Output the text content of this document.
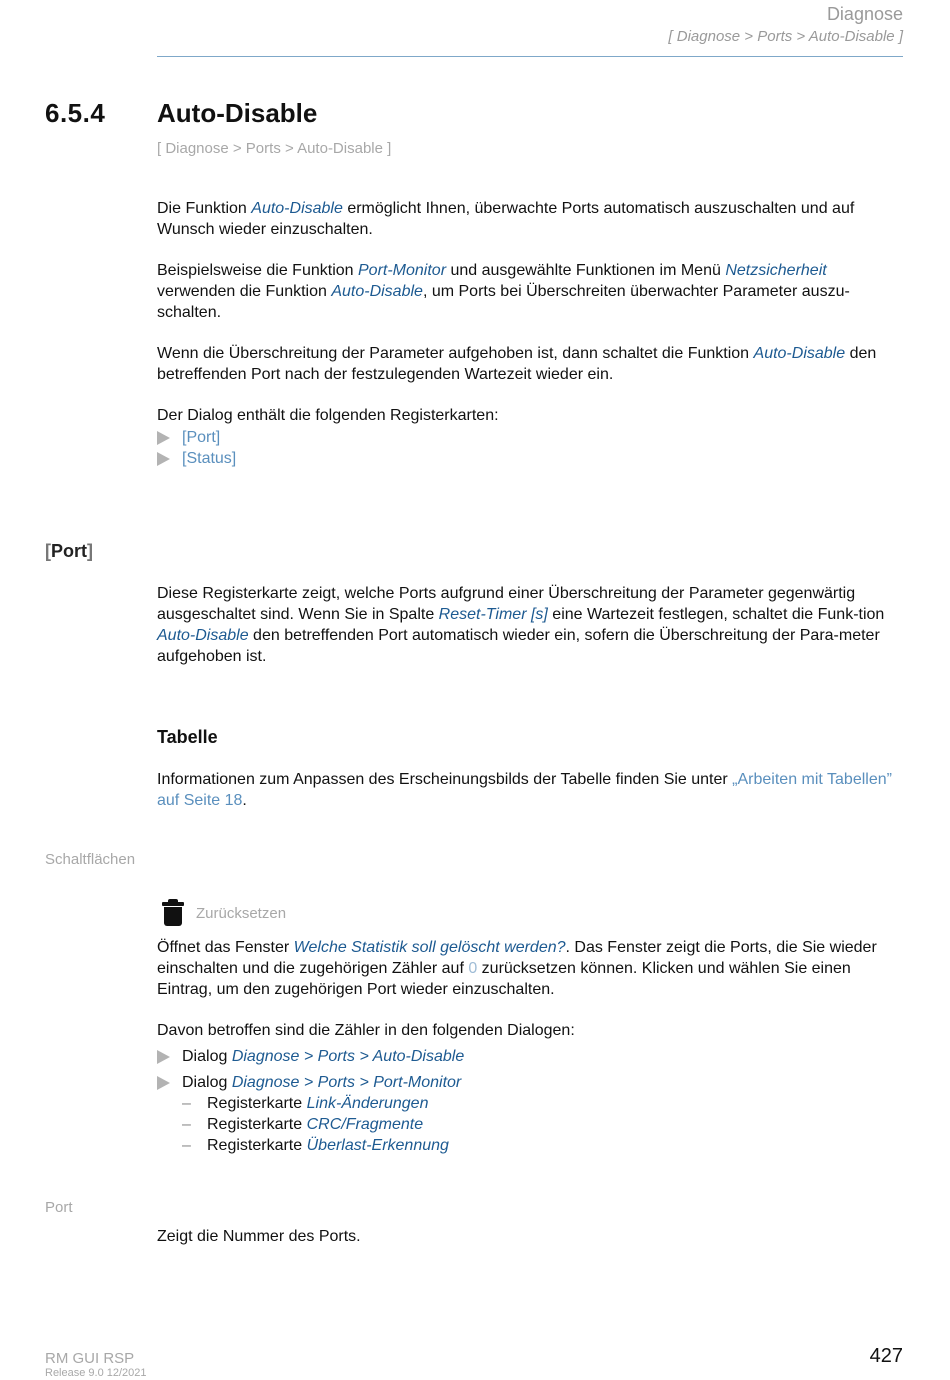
Diagnose
[ Diagnose > Ports > Auto-Disable ]
6.5.4 Auto-Disable
[ Diagnose > Ports > Auto-Disable ]

Die Funktion Auto-Disable ermöglicht Ihnen, überwachte Ports automatisch auszuschalten und auf Wunsch wieder einzuschalten.

Beispielsweise die Funktion Port-Monitor und ausgewählte Funktionen im Menü Netzsicherheit verwenden die Funktion Auto-Disable, um Ports bei Überschreiten überwachter Parameter auszu-schalten.

Wenn die Überschreitung der Parameter aufgehoben ist, dann schaltet die Funktion Auto-Disable den betreffenden Port nach der festzulegenden Wartezeit wieder ein.

Der Dialog enthält die folgenden Registerkarten:

[Port]
[Status]
[Port]

Diese Registerkarte zeigt, welche Ports aufgrund einer Überschreitung der Parameter gegenwärtig ausgeschaltet sind. Wenn Sie in Spalte Reset-Timer [s] eine Wartezeit festlegen, schaltet die Funk-tion Auto-Disable den betreffenden Port automatisch wieder ein, sofern die Überschreitung der Para-meter aufgehoben ist.

Tabelle

Informationen zum Anpassen des Erscheinungsbilds der Tabelle finden Sie unter „Arbeiten mit Tabellen” auf Seite 18.

Schaltflächen
Zurücksetzen

Öffnet das Fenster Welche Statistik soll gelöscht werden?. Das Fenster zeigt die Ports, die Sie wieder einschalten und die zugehörigen Zähler auf 0 zurücksetzen können. Klicken und wählen Sie einen Eintrag, um den zugehörigen Port wieder einzuschalten.

Davon betroffen sind die Zähler in den folgenden Dialogen:

Dialog
Diagnose > Ports > Auto-Disable
Dialog
Diagnose > Ports > Port-Monitor
–	Registerkarte
Link-Änderungen
–	Registerkarte
CRC/Fragmente
–	Registerkarte
Überlast-Erkennung
Port

Zeigt die Nummer des Ports.

RM GUI RSP
Release 9.0 12/2021
427
